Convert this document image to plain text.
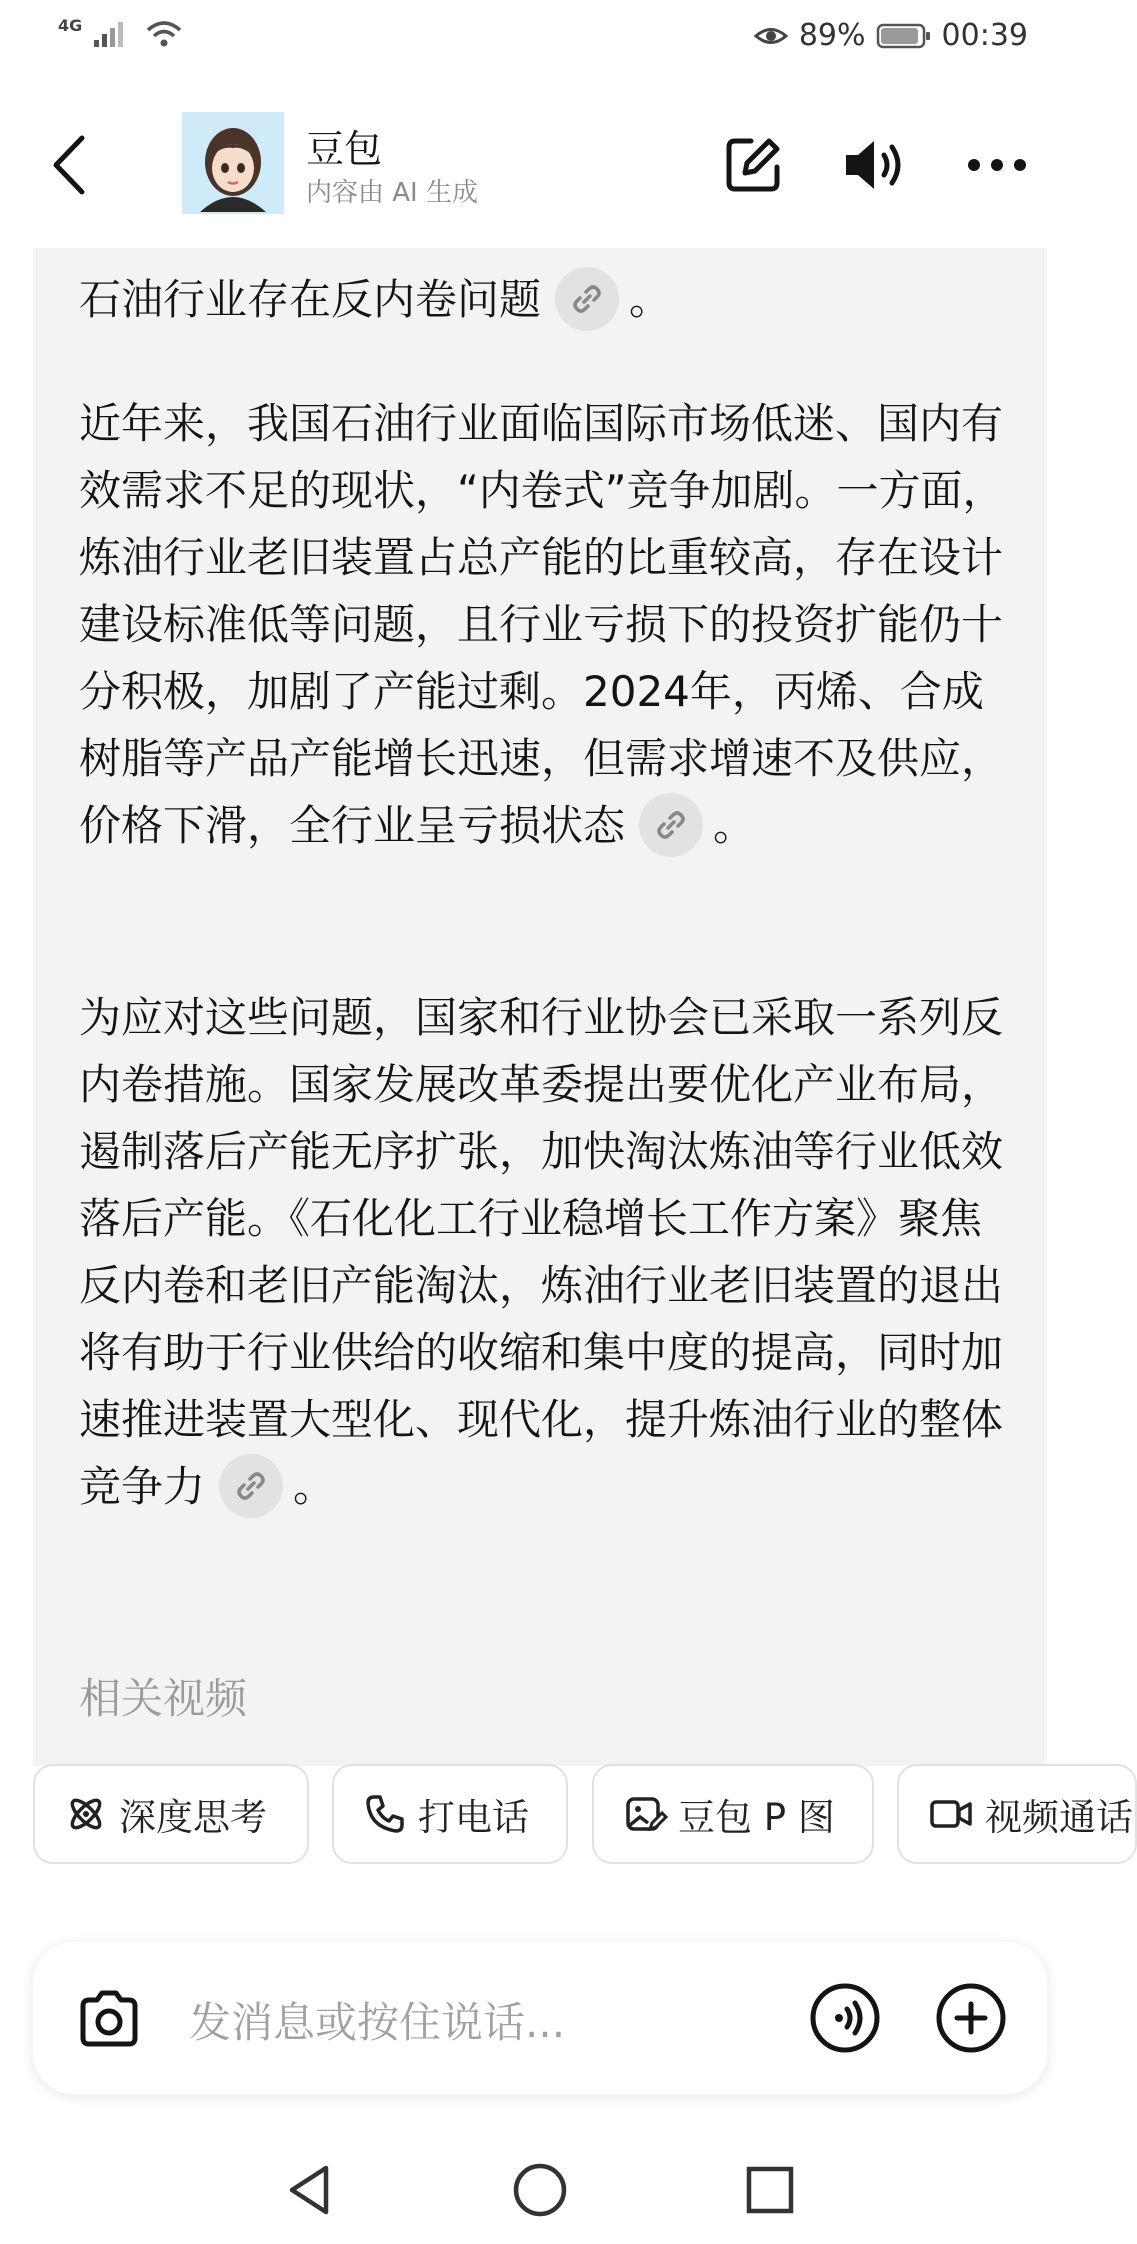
4G	89%	00:39
豆包
内容由 AI 生成
石油行业存在反内卷问题 。
近年来，我国石油行业面临国际市场低迷、国内有效需求不足的现状，“内卷式”竞争加剧。一方面，炼油行业老旧装置占总产能的比重较高，存在设计建设标准低等问题，且行业亏损下的投资扩能仍十分积极，加剧了产能过剩。2024年，丙烯、合成树脂等产品产能增长迅速，但需求增速不及供应，价格下滑，全行业呈亏损状态 。
为应对这些问题，国家和行业协会已采取一系列反内卷措施。国家发展改革委提出要优化产业布局，遏制落后产能无序扩张，加快淘汰炼油等行业低效落后产能。《石化化工行业稳增长工作方案》聚焦反内卷和老旧产能淘汰，炼油行业老旧装置的退出将有助于行业供给的收缩和集中度的提高，同时加速推进装置大型化、现代化，提升炼油行业的整体竞争力 。
相关视频
深度思考	打电话	豆包 P 图	视频通话
发消息或按住说话...
